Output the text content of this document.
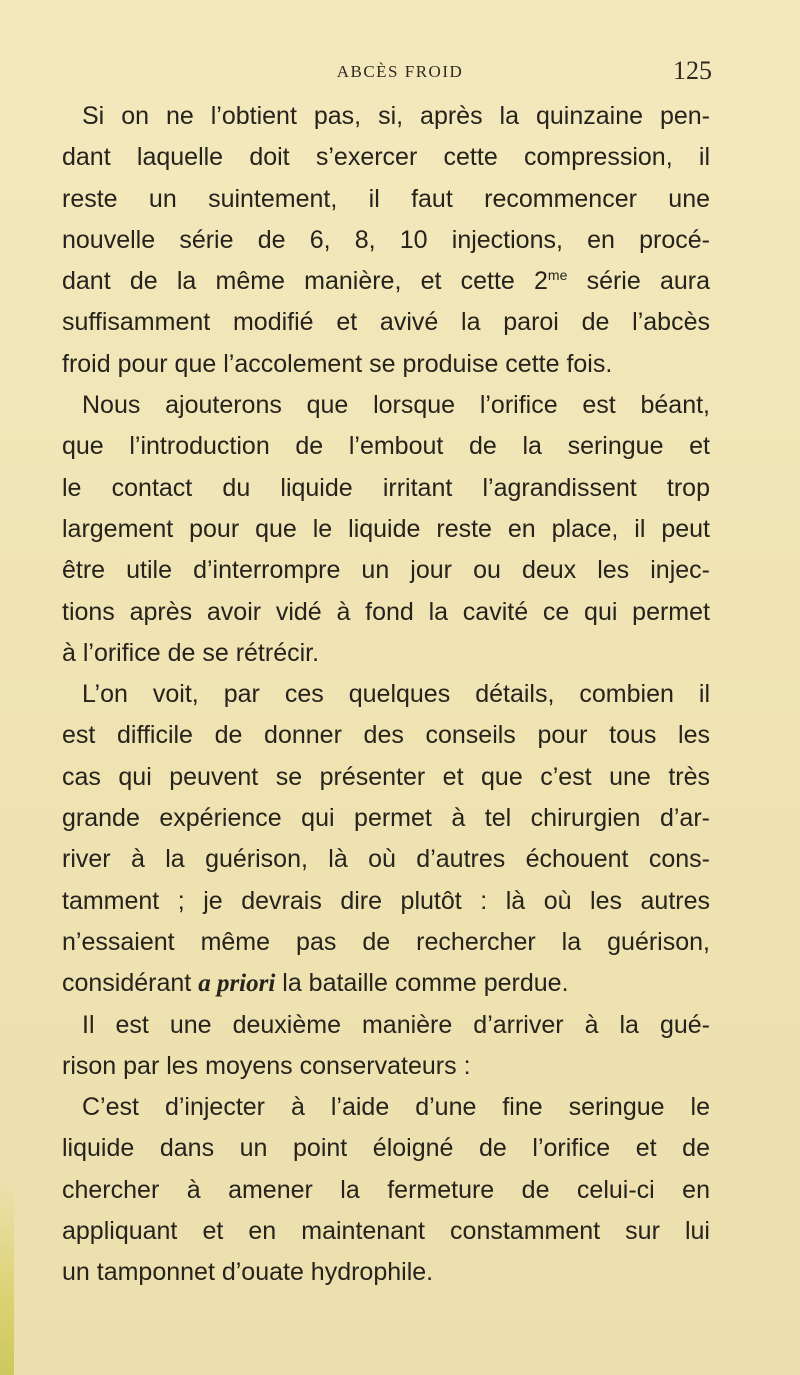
ABCÈS FROID	125
Si on ne l’obtient pas, si, après la quinzaine pen-
dant laquelle doit s’exercer cette compression, il
reste un suintement, il faut recommencer une
nouvelle série de 6, 8, 10 injections, en procé-
dant de la même manière, et cette $2^{me}$ série aura
suffisamment modifié et avivé la paroi de l’abcès
froid pour que l’accolement se produise cette fois.
Nous ajouterons que lorsque l’orifice est béant,
que l’introduction de l’embout de la seringue et
le contact du liquide irritant l’agrandissent trop
largement pour que le liquide reste en place, il peut
être utile d’interrompre un jour ou deux les injec-
tions après avoir vidé à fond la cavité ce qui permet
à l’orifice de se rétrécir.
L’on voit, par ces quelques détails, combien il
est difficile de donner des conseils pour tous les
cas qui peuvent se présenter et que c’est une très
grande expérience qui permet à tel chirurgien d’ar-
river à la guérison, là où d’autres échouent cons-
tamment ; je devrais dire plutôt : là où les autres
n’essaient même pas de rechercher la guérison,
considérant a priori la bataille comme perdue.
Il est une deuxième manière d’arriver à la gué-
rison par les moyens conservateurs :
C’est d’injecter à l’aide d’une fine seringue le
liquide dans un point éloigné de l’orifice et de
chercher à amener la fermeture de celui-ci en
appliquant et en maintenant constamment sur lui
un tamponnet d’ouate hydrophile.
